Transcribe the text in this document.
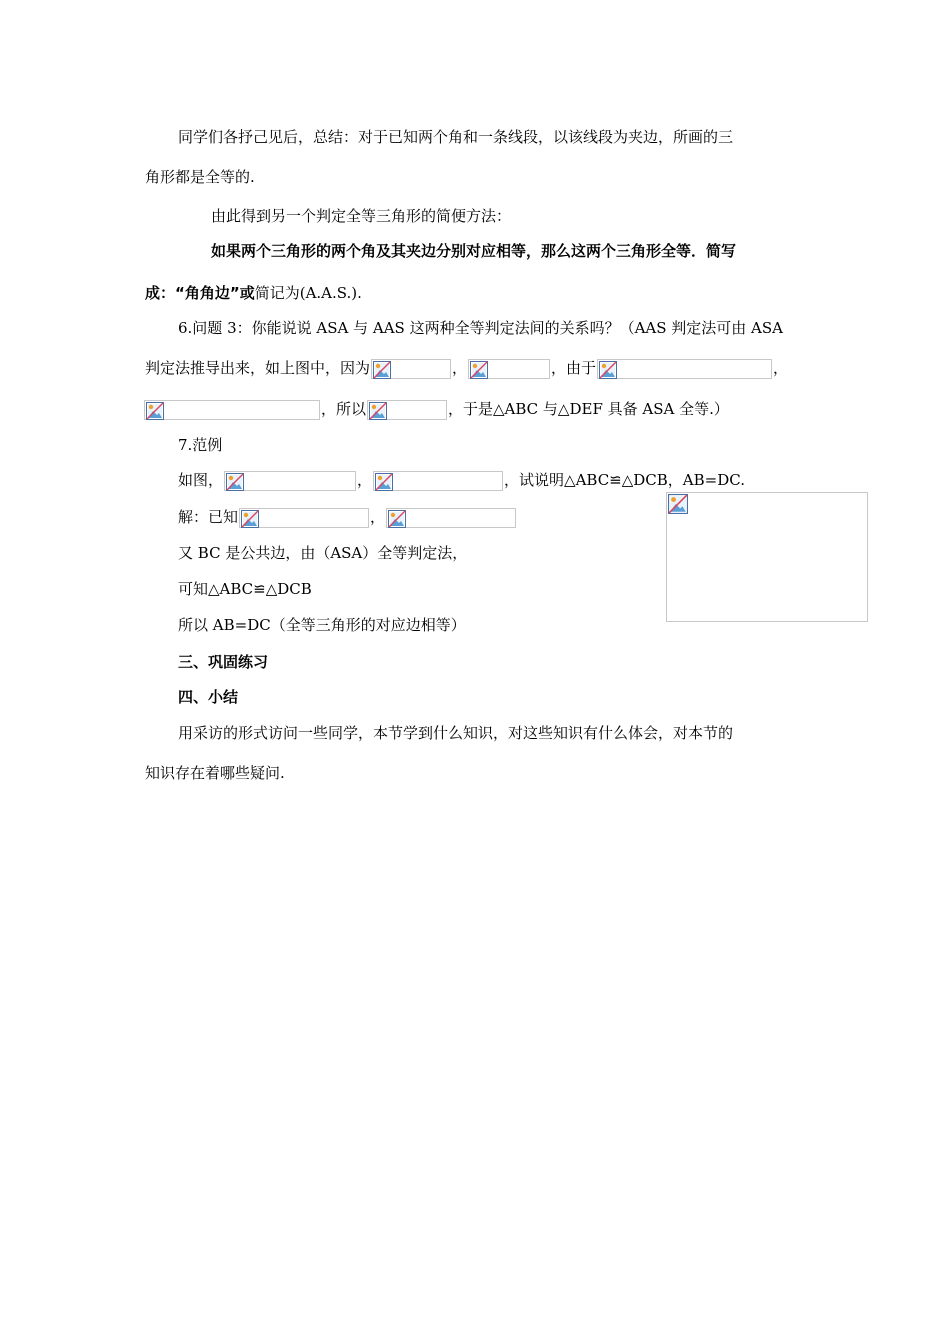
同学们各抒己见后，总结：对于已知两个角和一条线段，以该线段为夹边，所画的三
角形都是全等的.
由此得到另一个判定全等三角形的简便方法：
如果两个三角形的两个角及其夹边分别对应相等，那么这两个三角形全等．简写
成：“角角边”或简记为(A.A.S.).
6.问题 3：你能说说 ASA 与 AAS 这两种全等判定法间的关系吗？（AAS 判定法可由 ASA
判定法推导出来，如上图中，因为	，	，由于	，
，所以	，于是△ABC 与△DEF 具备 ASA 全等.）
7.范例
如图，	，	，试说明△ABC≌△DCB，AB=DC.
解：已知	，
又 BC 是公共边，由（ASA）全等判定法，
可知△ABC≌△DCB
所以 AB=DC（全等三角形的对应边相等）
三、巩固练习
四、小结
用采访的形式访问一些同学，本节学到什么知识，对这些知识有什么体会，对本节的
知识存在着哪些疑问.
